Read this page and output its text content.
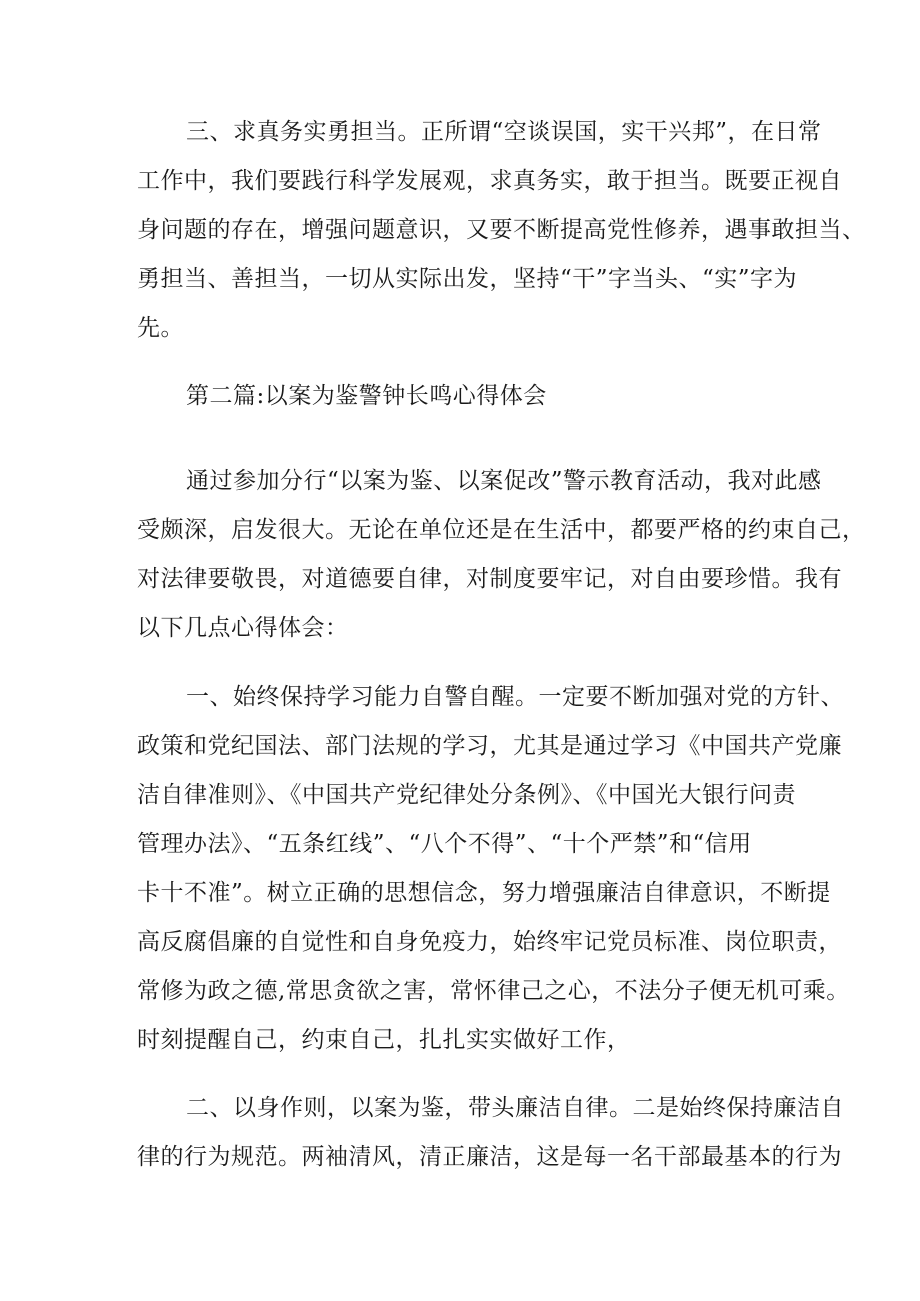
三、求真务实勇担当。正所谓“空谈误国，实干兴邦”，在日常
工作中，我们要践行科学发展观，求真务实，敢于担当。既要正视自
身问题的存在，增强问题意识，又要不断提高党性修养，遇事敢担当、
勇担当、善担当，一切从实际出发，坚持“干”字当头、“实”字为
先。
第二篇:以案为鉴警钟长鸣心得体会
通过参加分行“以案为鉴、以案促改”警示教育活动，我对此感
受颇深，启发很大。无论在单位还是在生活中，都要严格的约束自己，
对法律要敬畏，对道德要自律，对制度要牢记，对自由要珍惜。我有
以下几点心得体会：
一、始终保持学习能力自警自醒。一定要不断加强对党的方针、
政策和党纪国法、部门法规的学习，尤其是通过学习《中国共产党廉
洁自律准则》、《中国共产党纪律处分条例》、《中国光大银行问责
管理办法》、“五条红线”、“八个不得”、“十个严禁”和“信用
卡十不准”。树立正确的思想信念，努力增强廉洁自律意识，不断提
高反腐倡廉的自觉性和自身免疫力，始终牢记党员标准、岗位职责，
常修为政之德,常思贪欲之害，常怀律己之心，不法分子便无机可乘。
时刻提醒自己，约束自己，扎扎实实做好工作，
二、以身作则，以案为鉴，带头廉洁自律。二是始终保持廉洁自
律的行为规范。两袖清风，清正廉洁，这是每一名干部最基本的行为
